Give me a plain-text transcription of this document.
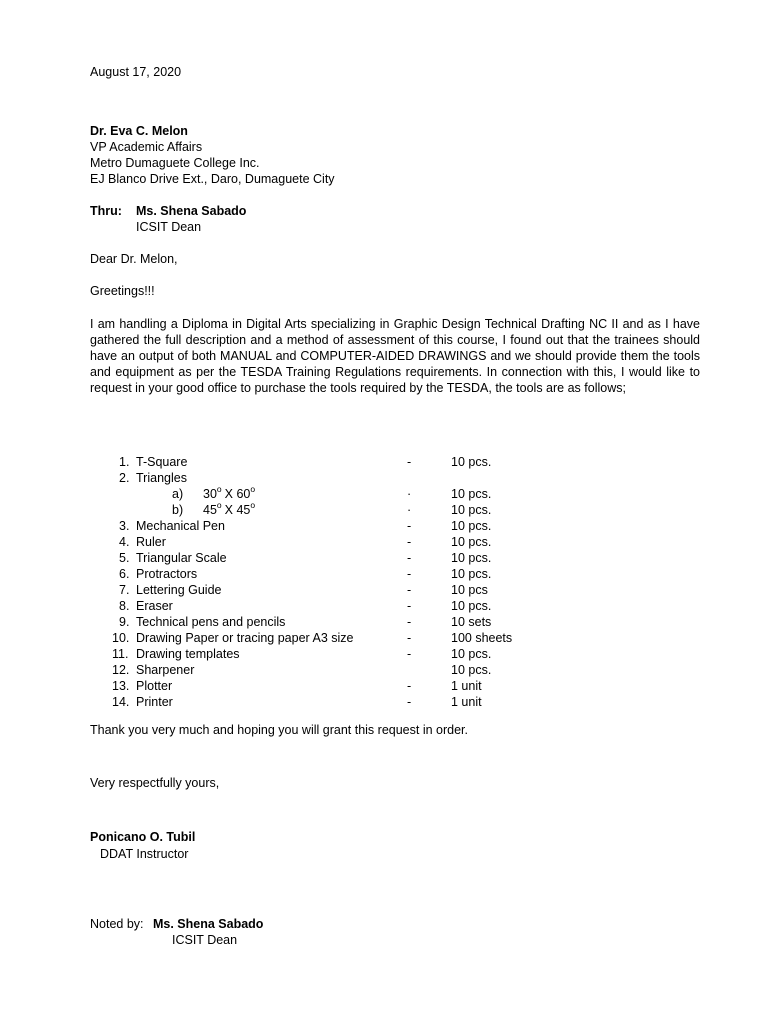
August 17, 2020
Dr. Eva C. Melon
VP Academic Affairs
Metro Dumaguete College Inc.
EJ Blanco Drive Ext., Daro, Dumaguete City
Thru: Ms. Shena Sabado
ICSIT Dean
Dear Dr. Melon,
Greetings!!!
I am handling a Diploma in Digital Arts specializing in Graphic Design Technical Drafting NC II and as I have gathered the full description and a method of assessment of this course, I found out that the trainees should have an output of both MANUAL and COMPUTER-AIDED DRAWINGS and we should provide them the tools and equipment as per the TESDA Training Regulations requirements. In connection with this, I would like to request in your good office to purchase the tools required by the TESDA, the tools are as follows;
1. T-Square	-	10 pcs.
2. Triangles
a) 30$^o$ X $60^o$	·	10 pcs.
b) 45$^o$ X $45^o$	·	10 pcs.
3. Mechanical Pen	-	10 pcs.
4. Ruler	-	10 pcs.
5. Triangular Scale	-	10 pcs.
6. Protractors	-	10 pcs.
7. Lettering Guide	-	10 pcs
8. Eraser	-	10 pcs.
9. Technical pens and pencils	-	10 sets
10. Drawing Paper or tracing paper A3 size	-	100 sheets
11. Drawing templates	-	10 pcs.
12. Sharpener	10 pcs.
13. Plotter	-	1 unit
14. Printer	-	1 unit
Thank you very much and hoping you will grant this request in order.
Very respectfully yours,
Ponicano O. Tubil
DDAT Instructor
Noted by: Ms. Shena Sabado
ICSIT Dean
